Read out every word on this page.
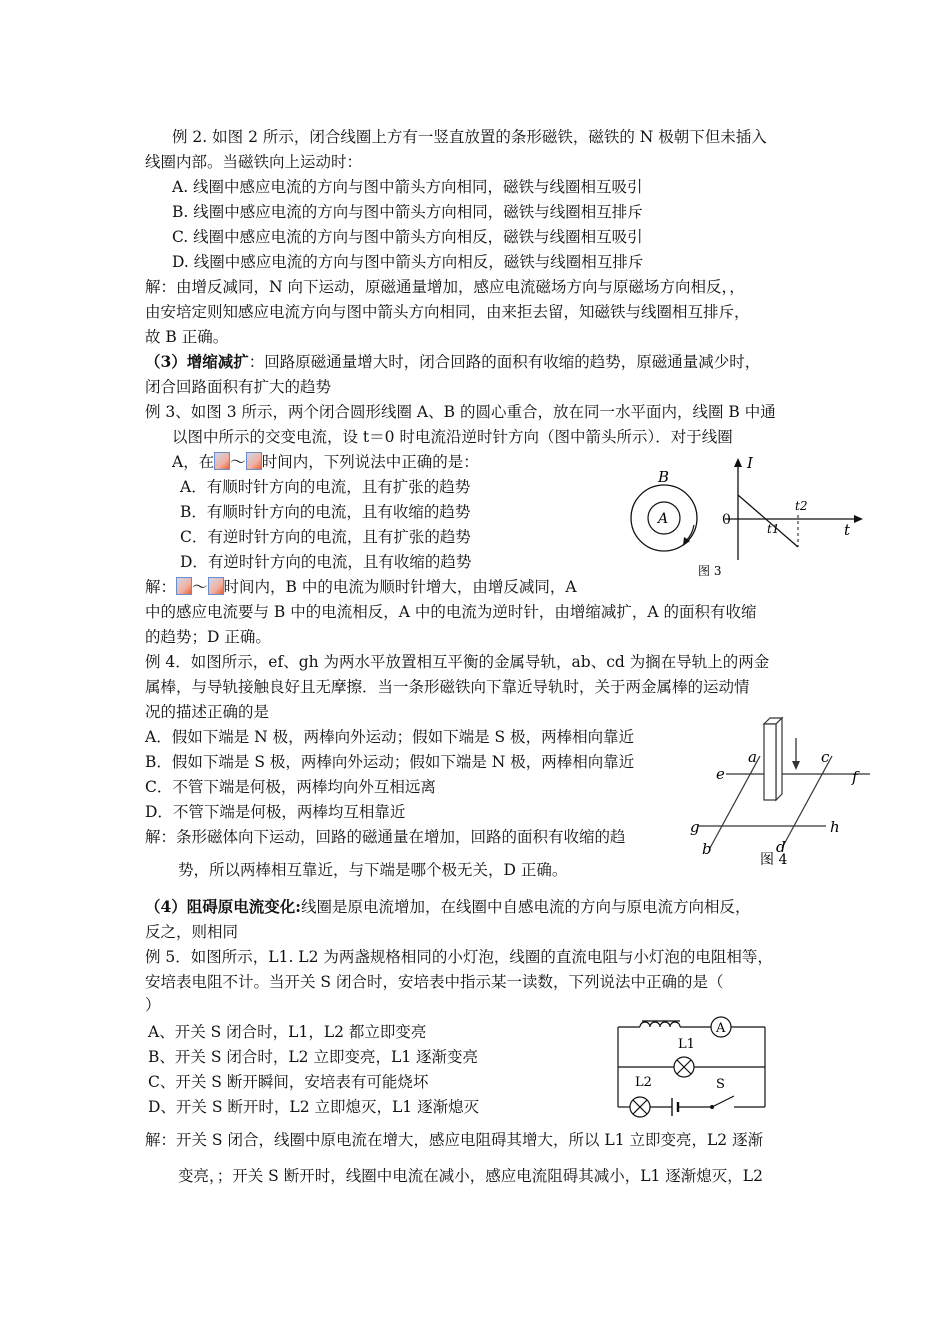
例 2. 如图 2 所示，闭合线圈上方有一竖直放置的条形磁铁，磁铁的 N 极朝下但未插入
线圈内部。当磁铁向上运动时：
A. 线圈中感应电流的方向与图中箭头方向相同，磁铁与线圈相互吸引
B. 线圈中感应电流的方向与图中箭头方向相同，磁铁与线圈相互排斥
C. 线圈中感应电流的方向与图中箭头方向相反，磁铁与线圈相互吸引
D. 线圈中感应电流的方向与图中箭头方向相反，磁铁与线圈相互排斥
解：由增反减同，N 向下运动，原磁通量增加，感应电流磁场方向与原磁场方向相反，，
由安培定则知感应电流方向与图中箭头方向相同，由来拒去留，知磁铁与线圈相互排斥，
故 B 正确。
（3）增缩减扩：回路原磁通量增大时，闭合回路的面积有收缩的趋势，原磁通量减少时，
闭合回路面积有扩大的趋势
例 3、如图 3 所示，两个闭合圆形线圈 A、B 的圆心重合，放在同一水平面内，线圈 B 中通
以图中所示的交变电流，设 t＝0 时电流沿逆时针方向（图中箭头所示）．对于线圈
A，在 ～ 时间内，下列说法中正确的是：
A．有顺时针方向的电流，且有扩张的趋势
B．有顺时针方向的电流，且有收缩的趋势
C．有逆时针方向的电流，且有扩张的趋势
D．有逆时针方向的电流，且有收缩的趋势
解： ～ 时间内，B 中的电流为顺时针增大，由增反减同，A
中的感应电流要与 B 中的电流相反，A 中的电流为逆时针，由增缩减扩，A 的面积有收缩
的趋势；D 正确。
B
A
I
0
t1
t2
t
图 3
例 4．如图所示，ef、gh 为两水平放置相互平衡的金属导轨，ab、cd 为搁在导轨上的两金
属棒，与导轨接触良好且无摩擦．当一条形磁铁向下靠近导轨时，关于两金属棒的运动情
况的描述正确的是
A．假如下端是 N 极，两棒向外运动；假如下端是 S 极，两棒相向靠近
B．假如下端是 S 极，两棒向外运动；假如下端是 N 极，两棒相向靠近
C．不管下端是何极，两棒均向外互相远离
D．不管下端是何极，两棒均互相靠近
解：条形磁体向下运动，回路的磁通量在增加，回路的面积有收缩的趋
势，所以两棒相互靠近，与下端是哪个极无关，D 正确。
a
b
c
d
e	f
g	h
图 4
（4）阻碍原电流变化:线圈是原电流增加，在线圈中自感电流的方向与原电流方向相反，
反之，则相同
例 5．如图所示，L1. L2 为两盏规格相同的小灯泡，线圈的直流电阻与小灯泡的电阻相等，
安培表电阻不计。当开关 S 闭合时，安培表中指示某一读数，下列说法中正确的是（
）
A、开关 S 闭合时，L1，L2 都立即变亮
B、开关 S 闭合时，L2 立即变亮，L1 逐渐变亮
C、开关 S 断开瞬间，安培表有可能烧坏
D、开关 S 断开时，L2 立即熄灭，L1 逐渐熄灭
解：开关 S 闭合，线圈中原电流在增大，感应电阻碍其增大，所以 L1 立即变亮，L2 逐渐
变亮，；开关 S 断开时，线圈中电流在减小，感应电流阻碍其减小，L1 逐渐熄灭，L2
A
L1
L2	S
